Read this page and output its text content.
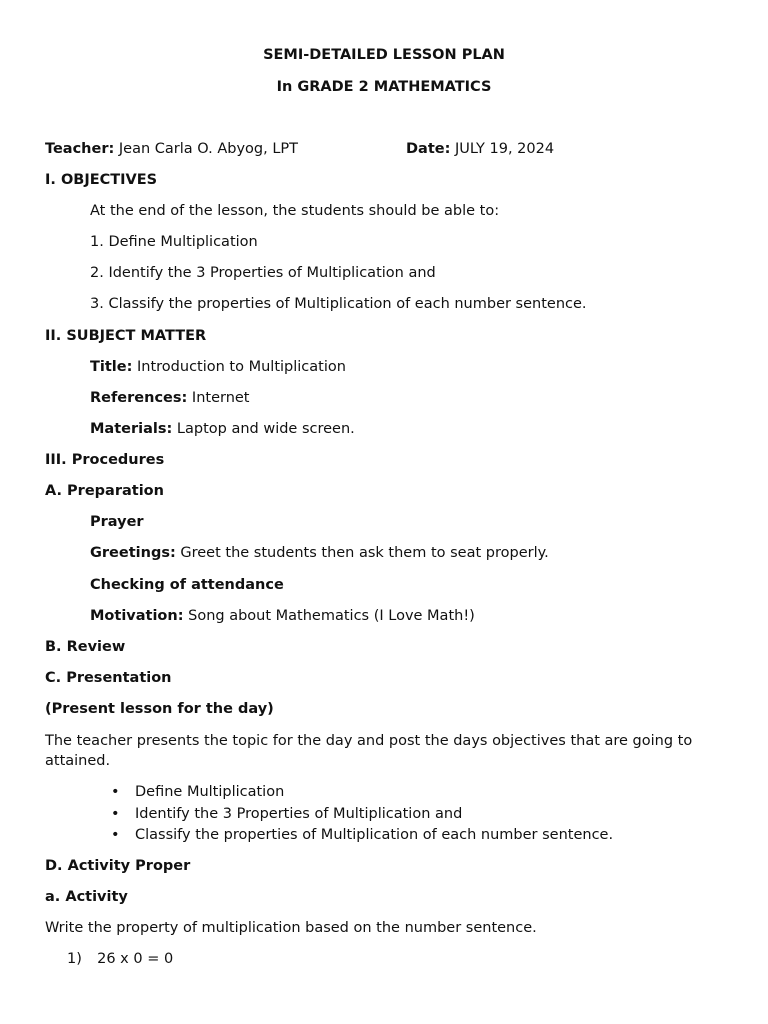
SEMI-DETAILED LESSON PLAN
In GRADE 2 MATHEMATICS
Teacher: Jean Carla O. Abyog, LPT	Date: JULY 19, 2024
I. OBJECTIVES
At the end of the lesson, the students should be able to:
1. Define Multiplication
2. Identify the 3 Properties of Multiplication and
3. Classify the properties of Multiplication of each number sentence.
II. SUBJECT MATTER
Title: Introduction to Multiplication
References: Internet
Materials: Laptop and wide screen.
III. Procedures
A. Preparation
Prayer
Greetings: Greet the students then ask them to seat properly.
Checking of attendance
Motivation: Song about Mathematics (I Love Math!)
B. Review
C. Presentation
(Present lesson for the day)
The teacher presents the topic for the day and post the days objectives that are going to attained.
• Define Multiplication
• Identify the 3 Properties of Multiplication and
• Classify the properties of Multiplication of each number sentence.
D. Activity Proper
a. Activity
Write the property of multiplication based on the number sentence.
1) 26 x 0 = 0
